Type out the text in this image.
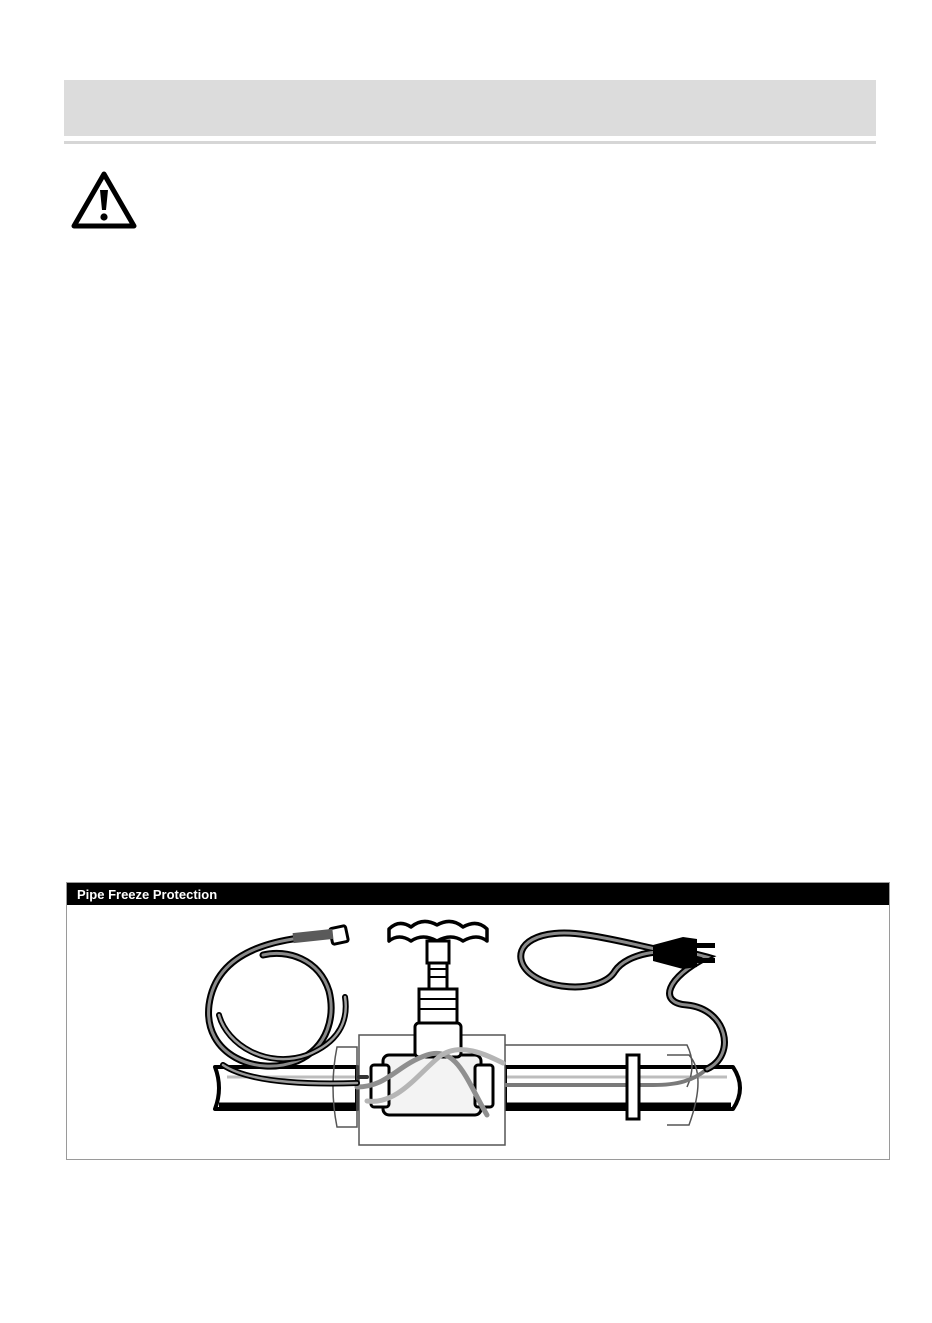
Pipe Freeze Protection
